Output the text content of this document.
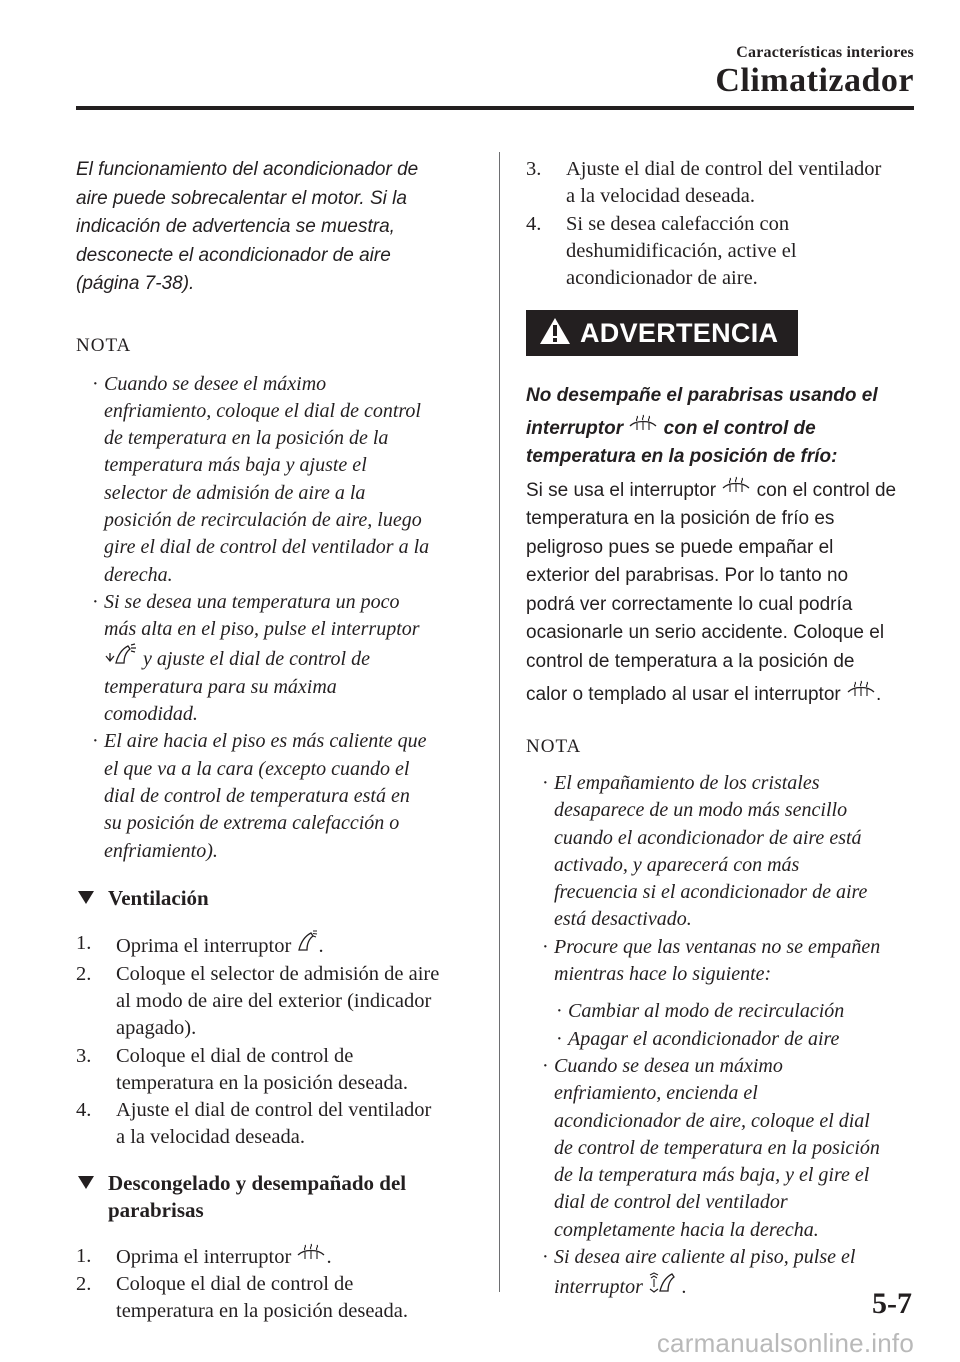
Características interiores
Climatizador

El funcionamiento del acondicionador de

aire puede sobrecalentar el motor. Si la

indicación de advertencia se muestra,

desconecte el acondicionador de aire

(página 7-38).

NOTA

· Cuando se desee el máximo
enfriamiento, coloque el dial de control
de temperatura en la posición de la
temperatura más baja y ajuste el
selector de admisión de aire a la
posición de recirculación de aire, luego
gire el dial de control del ventilador a la
derecha.
· Si se desea una temperatura un poco
más alta en el piso, pulse el interruptor
y ajuste el dial de control de
temperatura para su máxima
comodidad.
· El aire hacia el piso es más caliente que
el que va a la cara (excepto cuando el
dial de control de temperatura está en
su posición de extrema calefacción o
enfriamiento).
Ventilación
1. Oprima el interruptor .
2. Coloque el selector de admisión de aire
al modo de aire del exterior (indicador
apagado).
3. Coloque el dial de control de
temperatura en la posición deseada.
4. Ajuste el dial de control del ventilador
a la velocidad deseada.
Descongelado y desempañado del
parabrisas
1. Oprima el interruptor .
2. Coloque el dial de control de
temperatura en la posición deseada.
3. Ajuste el dial de control del ventilador
a la velocidad deseada.
4. Si se desea calefacción con
deshumidificación, active el
acondicionador de aire.
ADVERTENCIA

No desempañe el parabrisas usando el

interruptor  con el control de

temperatura en la posición de frío:

Si se usa el interruptor  con el control de

temperatura en la posición de frío es

peligroso pues se puede empañar el

exterior del parabrisas. Por lo tanto no

podrá ver correctamente lo cual podría

ocasionarle un serio accidente. Coloque el

control de temperatura a la posición de

calor o templado al usar el interruptor .

NOTA

· El empañamiento de los cristales
desaparece de un modo más sencillo
cuando el acondicionador de aire está
activado, y aparecerá con más
frecuencia si el acondicionador de aire
está desactivado.
· Procure que las ventanas no se empañen
mientras hace lo siguiente:
· Cambiar al modo de recirculación
· Apagar el acondicionador de aire
· Cuando se desea un máximo
enfriamiento, encienda el
acondicionador de aire, coloque el dial
de control de temperatura en la posición
de la temperatura más baja, y el gire el
dial de control del ventilador
completamente hacia la derecha.
· Si desea aire caliente al piso, pulse el
interruptor .	5-7
carmanualsonline.info
